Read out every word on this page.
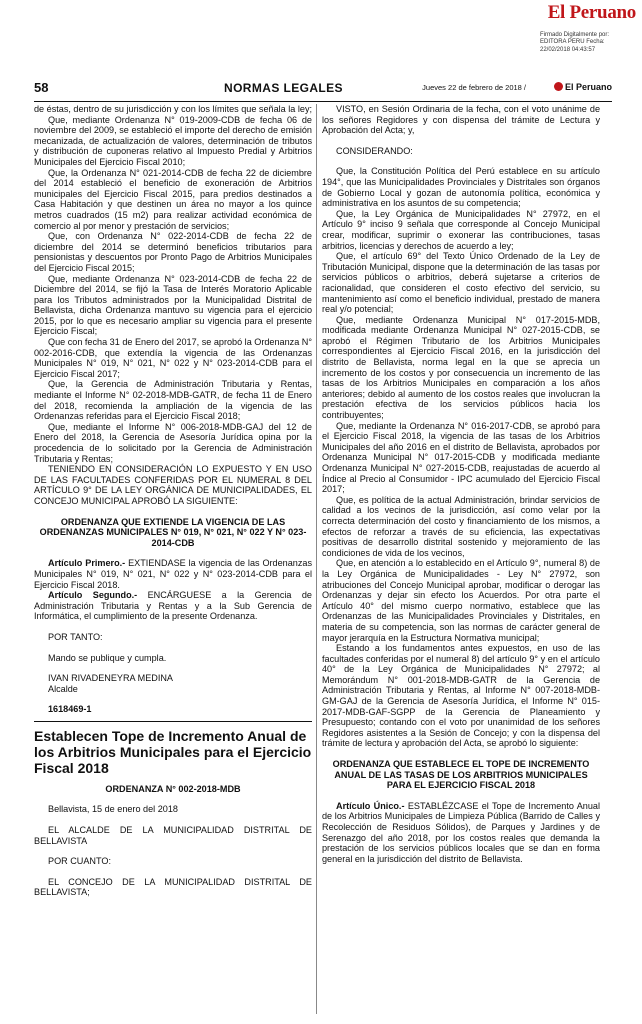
El Peruano
Firmado Digitalmente por: EDITORA PERU Fecha: 22/02/2018 04:43:57
58	NORMAS LEGALES	Jueves 22 de febrero de 2018 /	El Peruano

de éstas, dentro de su jurisdicción y con los límites que señala la ley;

Que, mediante Ordenanza N° 019-2009-CDB de fecha 06 de noviembre del 2009, se estableció el importe del derecho de emisión mecanizada, de actualización de valores, determinación de tributos y distribución de cuponeras relativo al Impuesto Predial y Arbitrios Municipales del Ejercicio Fiscal 2010;

Que, la Ordenanza N° 021-2014-CDB de fecha 22 de diciembre del 2014 estableció el beneficio de exoneración de Arbitrios municipales del Ejercicio Fiscal 2015, para predios destinados a Casa Habitación y que destinen un área no mayor a los quince metros cuadrados (15 m2) para realizar actividad económica de comercio al por menor y prestación de servicios;

Que, con Ordenanza N° 022-2014-CDB de fecha 22 de diciembre del 2014 se determinó beneficios tributarios para pensionistas y descuentos por Pronto Pago de Arbitrios Municipales del Ejercicio Fiscal 2015;

Que, mediante Ordenanza N° 023-2014-CDB de fecha 22 de Diciembre del 2014, se fijó la Tasa de Interés Moratorio Aplicable para los Tributos administrados por la Municipalidad Distrital de Bellavista, dicha Ordenanza mantuvo su vigencia para el ejercicio 2015, por lo que es necesario ampliar su vigencia para el presente Ejercicio Fiscal;

Que con fecha 31 de Enero del 2017, se aprobó la Ordenanza N° 002-2016-CDB, que extendía la vigencia de las Ordenanzas Municipales N° 019, N° 021, N° 022 y N° 023-2014-CDB para el Ejercicio Fiscal 2017;

Que, la Gerencia de Administración Tributaria y Rentas, mediante el Informe N° 02-2018-MDB-GATR, de fecha 11 de Enero del 2018, recomienda la ampliación de la vigencia de las Ordenanzas referidas para el Ejercicio Fiscal 2018;

Que, mediante el Informe N° 006-2018-MDB-GAJ del 12 de Enero del 2018, la Gerencia de Asesoría Jurídica opina por la procedencia de lo solicitado por la Gerencia de Administración Tributaria y Rentas;

TENIENDO EN CONSIDERACIÓN LO EXPUESTO Y EN USO DE LAS FACULTADES CONFERIDAS POR EL NUMERAL 8 DEL ARTÍCULO 9° DE LA LEY ORGÁNICA DE MUNICIPALIDADES, EL CONCEJO MUNICIPAL APROBÓ LA SIGUIENTE:

ORDENANZA QUE EXTIENDE LA VIGENCIA DE LAS ORDENANZAS MUNICIPALES N° 019, N° 021, N° 022 Y N° 023-2014-CDB

Artículo Primero.- EXTIENDASE la vigencia de las Ordenanzas Municipales N° 019, N° 021, N° 022 y N° 023-2014-CDB para el Ejercicio Fiscal 2018.

Artículo Segundo.- ENCÁRGUESE a la Gerencia de Administración Tributaria y Rentas y a la Sub Gerencia de Informática, el cumplimiento de la presente Ordenanza.

POR TANTO:

Mando se publique y cumpla.

IVAN RIVADENEYRA MEDINA

Alcalde

1618469-1

Establecen Tope de Incremento Anual de los Arbitrios Municipales para el Ejercicio Fiscal 2018

ORDENANZA N° 002-2018-MDB

Bellavista, 15 de enero del 2018

EL ALCALDE DE LA MUNICIPALIDAD DISTRITAL DE BELLAVISTA

POR CUANTO:

EL CONCEJO DE LA MUNICIPALIDAD DISTRITAL DE BELLAVISTA;

VISTO, en Sesión Ordinaria de la fecha, con el voto unánime de los señores Regidores y con dispensa del trámite de Lectura y Aprobación del Acta; y,

CONSIDERANDO:

Que, la Constitución Política del Perú establece en su artículo 194°, que las Municipalidades Provinciales y Distritales son órganos de Gobierno Local y gozan de autonomía política, económica y administrativa en los asuntos de su competencia;

Que, la Ley Orgánica de Municipalidades N° 27972, en el Artículo 9° inciso 9 señala que corresponde al Concejo Municipal crear, modificar, suprimir o exonerar las contribuciones, tasas arbitrios, licencias y derechos de acuerdo a ley;

Que, el artículo 69° del Texto Único Ordenado de la Ley de Tributación Municipal, dispone que la determinación de las tasas por servicios públicos o arbitrios, deberá sujetarse a criterios de racionalidad, que consideren el costo efectivo del servicio, su mantenimiento así como el beneficio individual, prestado de manera real y/o potencial;

Que, mediante Ordenanza Municipal N° 017-2015-MDB, modificada mediante Ordenanza Municipal N° 027-2015-CDB, se aprobó el Régimen Tributario de los Arbitrios Municipales correspondientes al Ejercicio Fiscal 2016, en la jurisdicción del distrito de Bellavista, norma legal en la que se aprecia un incremento de los costos y por consecuencia un incremento de las tasas de los Arbitrios Municipales en comparación a los años anteriores; debido al aumento de los costos reales que involucran la prestación efectiva de los servicios públicos hacia los contribuyentes;

Que, mediante la Ordenanza N° 016-2017-CDB, se aprobó para el Ejercicio Fiscal 2018, la vigencia de las tasas de los Arbitrios Municipales del año 2016 en el distrito de Bellavista, aprobados por Ordenanza Municipal N° 017-2015-CDB y modificada mediante Ordenanza Municipal N° 027-2015-CDB, reajustadas de acuerdo al Índice al Precio al Consumidor - IPC acumulado del Ejercicio Fiscal 2017;

Que, es política de la actual Administración, brindar servicios de calidad a los vecinos de la jurisdicción, así como velar por la correcta determinación del costo y financiamiento de los mismos, a efectos de reforzar a través de su eficiencia, las expectativas positivas de desarrollo distrital sostenido y mejoramiento de las condiciones de vida de los vecinos,

Que, en atención a lo establecido en el Artículo 9°, numeral 8) de la Ley Orgánica de Municipalidades - Ley N° 27972, son atribuciones del Concejo Municipal aprobar, modificar o derogar las Ordenanzas y dejar sin efecto los Acuerdos. Por otra parte el Artículo 40° del mismo cuerpo normativo, establece que las Ordenanzas de las Municipalidades Provinciales y Distritales, en materia de su competencia, son las normas de carácter general de mayor jerarquía en la Estructura Normativa municipal;

Estando a los fundamentos antes expuestos, en uso de las facultades conferidas por el numeral 8) del artículo 9° y en el artículo 40° de la Ley Orgánica de Municipalidades N° 27972; al Memorándum N° 001-2018-MDB-GATR de la Gerencia de Administración Tributaria y Rentas, al Informe N° 007-2018-MDB-GM-GAJ de la Gerencia de Asesoría Jurídica, el Informe N° 015-2017-MDB-GAF-SGPP de la Gerencia de Planeamiento y Presupuesto; contando con el voto por unanimidad de los señores Regidores asistentes a la Sesión de Concejo; y con la dispensa del trámite de lectura y aprobación del Acta, se aprobó lo siguiente:

ORDENANZA QUE ESTABLECE EL TOPE DE INCREMENTO ANUAL DE LAS TASAS DE LOS ARBITRIOS MUNICIPALES PARA EL EJERCICIO FISCAL 2018

Artículo Único.- ESTABLÉZCASE el Tope de Incremento Anual de los Arbitrios Municipales de Limpieza Pública (Barrido de Calles y Recolección de Residuos Sólidos), de Parques y Jardines y de Serenazgo del año 2018, por los costos reales que demanda la prestación de los servicios públicos locales que se dan en forma general en la jurisdicción del distrito de Bellavista.
